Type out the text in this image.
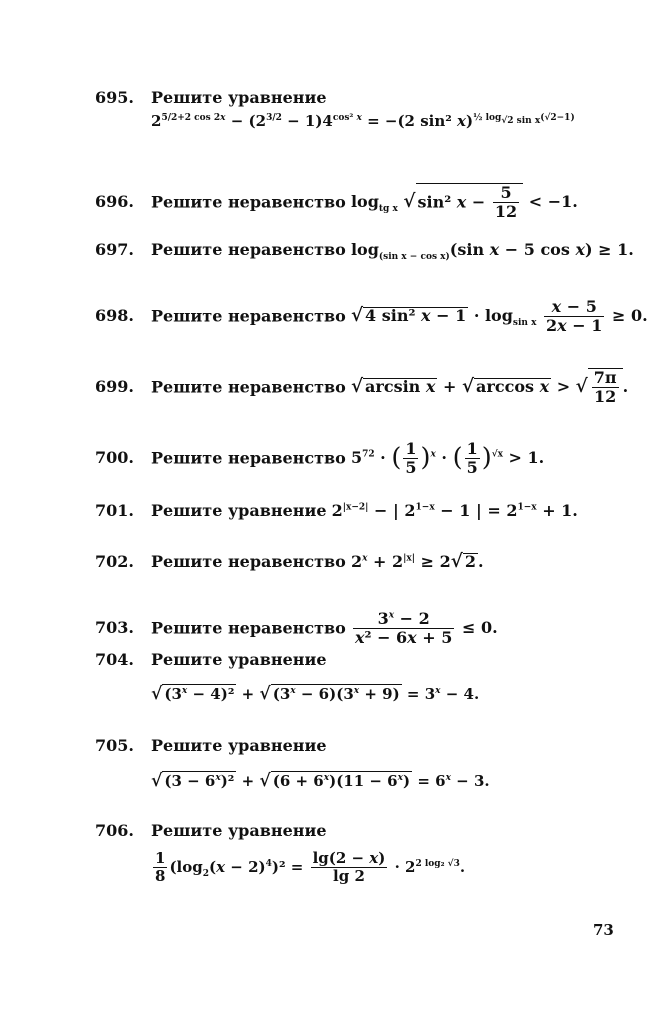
695. Решите уравнение
$2^{5/2+2 cos 2x} - (2^{3/2} - 1)4^{cos^2 x} = -(2$ sin² x)$^{\frac{1}{2} log_{√2 sin x}(√2-1)}$
696. Решите неравенство $\log_{tg x}$ √ sin² $x - \frac{5}{12} < -1$.
697. Решите неравенство $\log_{(sin x - cos x)}(\sin$ x − 5 cos x) ≥ 1.
698. Решите неравенство √ 4 sin² $x - 1 \cdot \log_{sin x} \frac{x - 5}{2x - 1} \ge 0$.
699. Решите неравенство √ arcsin x + √ arccos x > √ $\frac{7\pi}{12}$ .
700. Решите неравенство $5^{72}$ · ( $\frac{1}{5} )^x$ · ( $\frac{1}{5} )^{√x} > 1$.
701. Решите уравнение $2^{|x-2|}$ − | $2^{1-x} - 1$ | = $2^{1-x} + 1$.
702. Решите неравенство $2^x + 2^{|x|} \ge 2√$ 2 .
703. Решите неравенство $\frac{3^x - 2}{\text{x² − 6x + 5}} \le 0$.
704. Решите уравнение
√ $(3^x - 4)^2$ + √ $(3^x - 6)(3^x + 9) = 3^x - 4$.
705. Решите уравнение
√ $(3 - 6^x)^2$ + √ $(6 + 6^x)(11 - 6^x) = 6^x - 3$.
706. Решите уравнение
$\frac{1}{8} (\log_2(x - 2)^4)^2 = \frac{\lg(2 - x)}{\lg 2} \cdot 2^{2 log_2 √3}$.
73
